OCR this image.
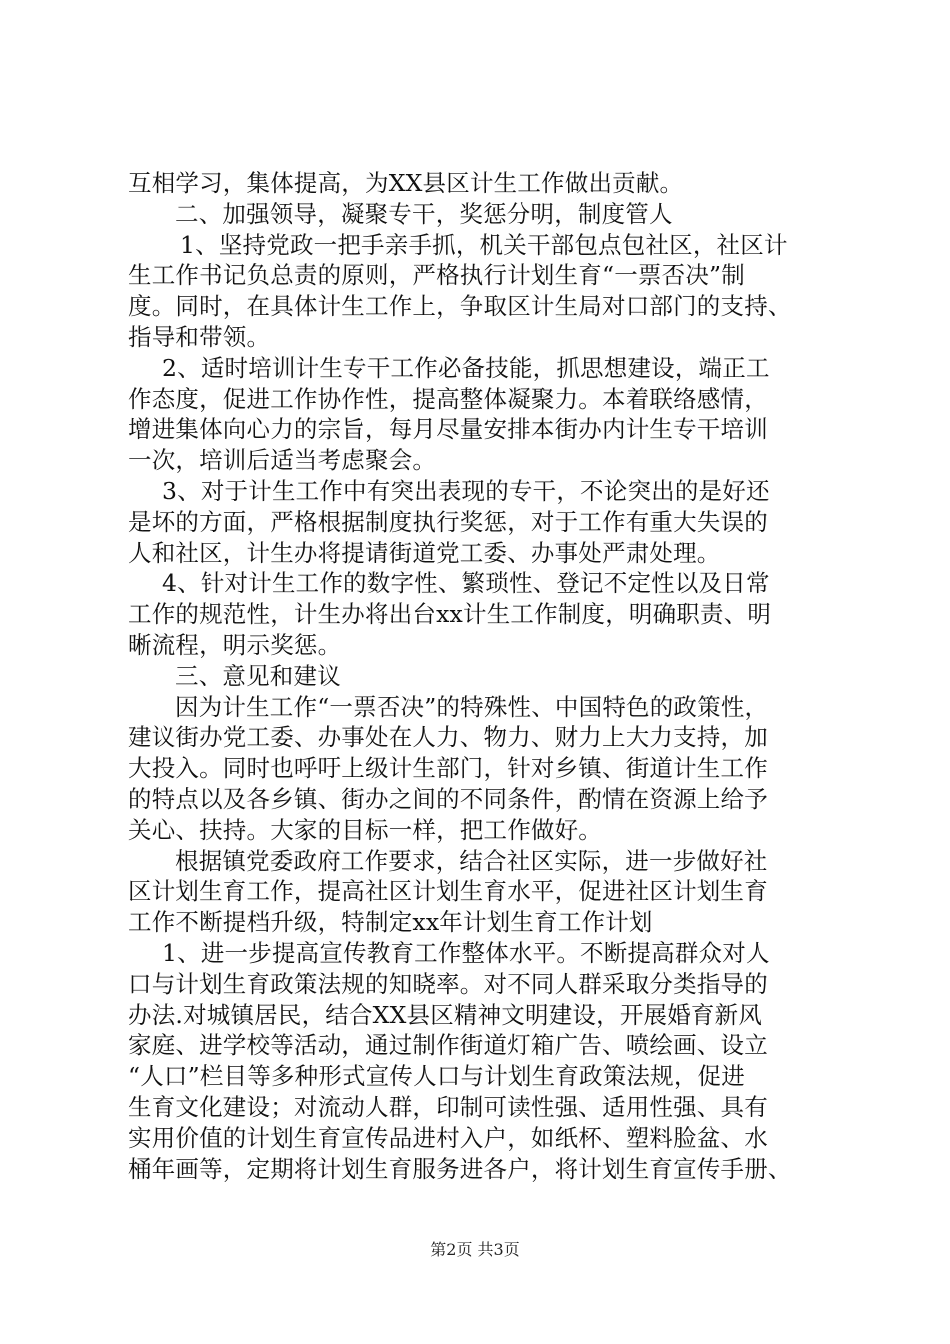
互相学习，集体提高，为XX县区计生工作做出贡献。
二、加强领导，凝聚专干，奖惩分明，制度管人
1、坚持党政一把手亲手抓，机关干部包点包社区，社区计
生工作书记负总责的原则，严格执行计划生育“一票否决”制
度。同时，在具体计生工作上，争取区计生局对口部门的支持、
指导和带领。
2、适时培训计生专干工作必备技能，抓思想建设，端正工
作态度，促进工作协作性，提高整体凝聚力。本着联络感情，
增进集体向心力的宗旨，每月尽量安排本街办内计生专干培训
一次，培训后适当考虑聚会。
3、对于计生工作中有突出表现的专干，不论突出的是好还
是坏的方面，严格根据制度执行奖惩，对于工作有重大失误的
人和社区，计生办将提请街道党工委、办事处严肃处理。
4、针对计生工作的数字性、繁琐性、登记不定性以及日常
工作的规范性，计生办将出台xx计生工作制度，明确职责、明
晰流程，明示奖惩。
三、意见和建议
因为计生工作“一票否决”的特殊性、中国特色的政策性，
建议街办党工委、办事处在人力、物力、财力上大力支持，加
大投入。同时也呼吁上级计生部门，针对乡镇、街道计生工作
的特点以及各乡镇、街办之间的不同条件，酌情在资源上给予
关心、扶持。大家的目标一样，把工作做好。
根据镇党委政府工作要求，结合社区实际，进一步做好社
区计划生育工作，提高社区计划生育水平，促进社区计划生育
工作不断提档升级，特制定xx年计划生育工作计划
1、进一步提高宣传教育工作整体水平。不断提高群众对人
口与计划生育政策法规的知晓率。对不同人群采取分类指导的
办法.对城镇居民，结合XX县区精神文明建设，开展婚育新风
家庭、进学校等活动，通过制作街道灯箱广告、喷绘画、设立
“人口”栏目等多种形式宣传人口与计划生育政策法规，促进
生育文化建设；对流动人群，印制可读性强、适用性强、具有
实用价值的计划生育宣传品进村入户，如纸杯、塑料脸盆、水
桶年画等，定期将计划生育服务进各户，将计划生育宣传手册、
第2页 共3页
